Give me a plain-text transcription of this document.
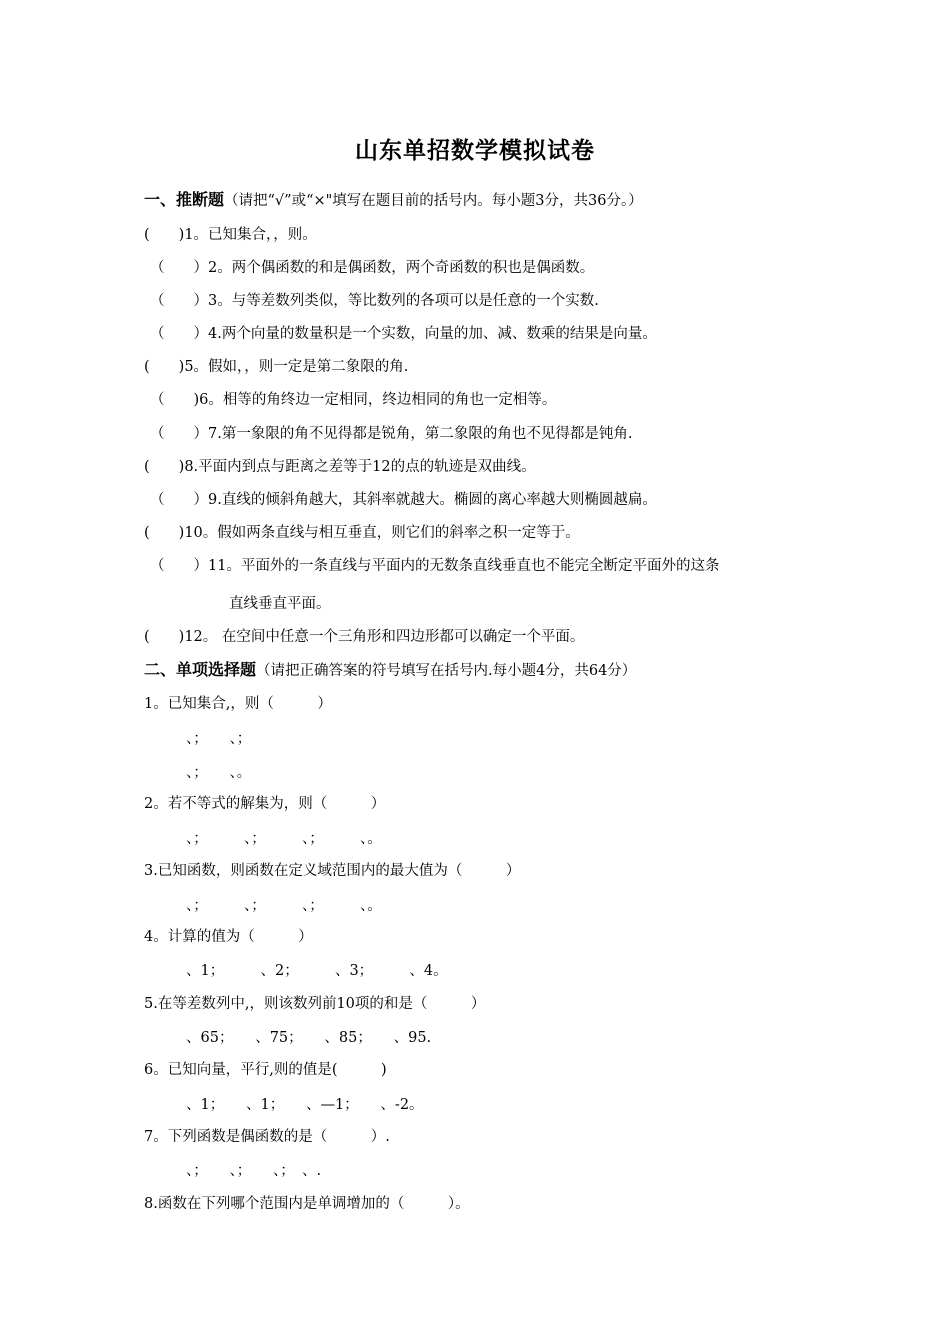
山东单招数学模拟试卷
一、推断题（请把“√”或“×"填写在题目前的括号内。每小题3分，共36分。）
(　　)1。已知集合，，则。
（　　）2。两个偶函数的和是偶函数，两个奇函数的积也是偶函数。
（　　）3。与等差数列类似，等比数列的各项可以是任意的一个实数.
（　　）4.两个向量的数量积是一个实数，向量的加、减、数乘的结果是向量。
(　　)5。假如，，则一定是第二象限的角.
（　　)6。相等的角终边一定相同，终边相同的角也一定相等。
（　　）7.第一象限的角不见得都是锐角，第二象限的角也不见得都是钝角.
(　　)8.平面内到点与距离之差等于12的点的轨迹是双曲线。
（　　）9.直线的倾斜角越大，其斜率就越大。椭圆的离心率越大则椭圆越扁。
(　　)10。假如两条直线与相互垂直，则它们的斜率之积一定等于。
（　　）11。平面外的一条直线与平面内的无数条直线垂直也不能完全断定平面外的这条
直线垂直平面。
(　　)12。 在空间中任意一个三角形和四边形都可以确定一个平面。
二、单项选择题（请把正确答案的符号填写在括号内.每小题4分，共64分）
1。已知集合,，则（　　　）
、；　　、；
、；　　、。
2。若不等式的解集为，则（　　　）
、；　　　、；　　　、；　　　、。
3.已知函数，则函数在定义域范围内的最大值为（　　　）
、；　　　、；　　　、；　　　、。
4。计算的值为（　　　）
、1；　　　、2；　　　、3；　　　、4。
5.在等差数列中,，则该数列前10项的和是（　　　）
、65；　　、75；　　、85；　　、95.
6。已知向量，平行,则的值是(　　　)
、1；　　、1；　　、—1；　　、-2。
7。下列函数是偶函数的是（　　　）.
、；　　、；　　、；　、.
8.函数在下列哪个范围内是单调增加的（　　　）。
